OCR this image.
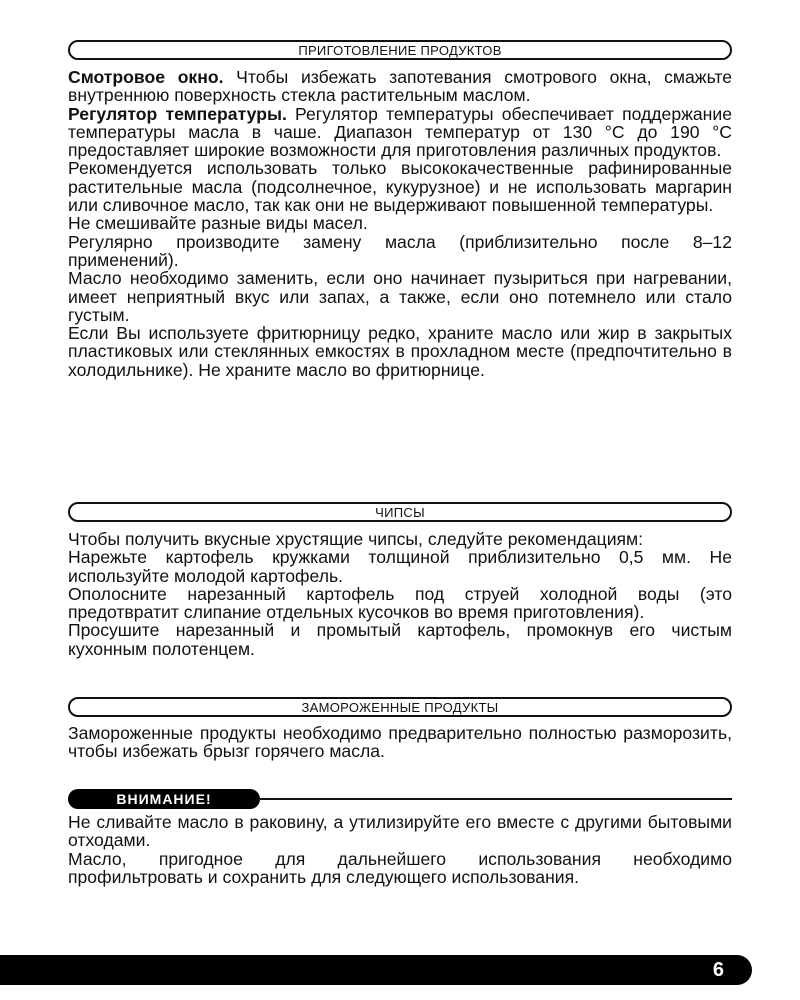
ПРИГОТОВЛЕНИЕ ПРОДУКТОВ

Смотровое окно. Чтобы избежать запотевания смотрового окна, смажьте внутреннюю поверхность стекла растительным маслом.

Регулятор температуры. Регулятор температуры обеспечивает поддержание температуры масла в чаше. Диапазон температур от 130 °С до 190 °С предоставляет широкие возможности для приготовления различных продуктов.

Рекомендуется использовать только высококачественные рафинированные растительные масла (подсолнечное, кукурузное) и не использовать маргарин или сливочное масло, так как они не выдерживают повышенной температуры.

Не смешивайте разные виды масел.

Регулярно производите замену масла (приблизительно после 8–12 применений).

Масло необходимо заменить, если оно начинает пузыриться при нагревании, имеет неприятный вкус или запах, а также, если оно потемнело или стало густым.

Если Вы используете фритюрницу редко, храните масло или жир в закрытых пластиковых или стеклянных емкостях в прохладном месте (предпочтительно в холодильнике). Не храните масло во фритюрнице.

ЧИПСЫ

Чтобы получить вкусные хрустящие чипсы, следуйте рекомендациям:

Нарежьте картофель кружками толщиной приблизительно 0,5 мм. Не используйте молодой картофель.

Ополосните нарезанный картофель под струей холодной воды (это предотвратит слипание отдельных кусочков во время приготовления).

Просушите нарезанный и промытый картофель, промокнув его чистым кухонным полотенцем.

ЗАМОРОЖЕННЫЕ ПРОДУКТЫ

Замороженные продукты необходимо предварительно полностью разморозить, чтобы избежать брызг горячего масла.

ВНИМАНИЕ!

Не сливайте масло в раковину, а утилизируйте его вместе с другими бытовыми отходами.

Масло, пригодное для дальнейшего использования необходимо профильтровать и сохранить для следующего использования.

6
